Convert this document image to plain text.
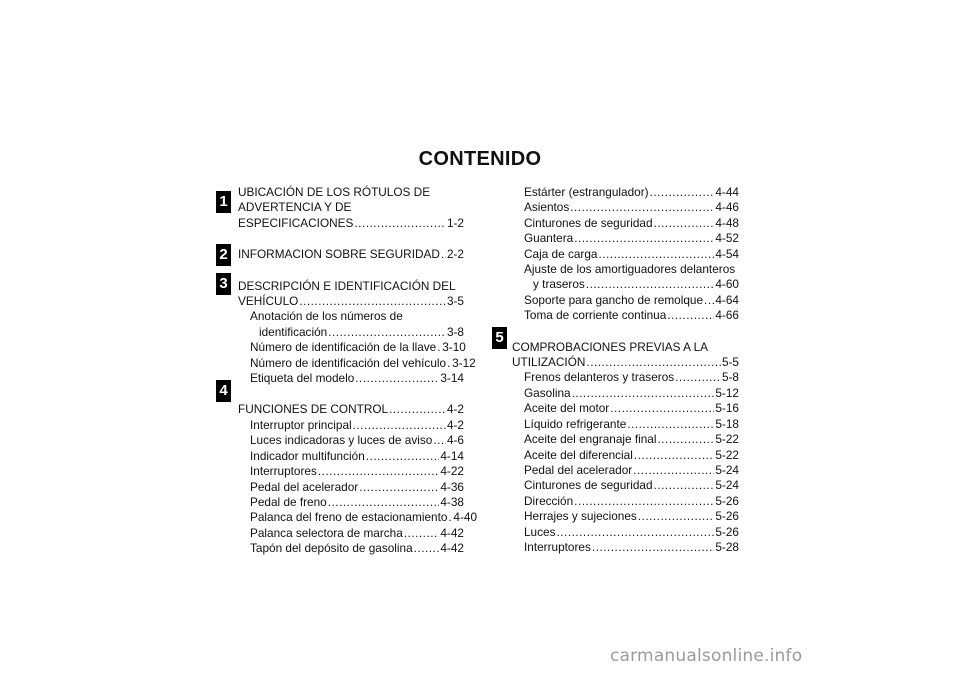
CONTENIDO
1
2
3
4
5
UBICACIÓN DE LOS RÓTULOS DE
ADVERTENCIA Y DE
ESPECIFICACIONES .....	1-2
INFORMACION SOBRE SEGURIDAD ..... 2-2
DESCRIPCIÓN E IDENTIFICACIÓN DEL
VEHÍCULO .....	3-5
Anotación de los números de
identificación .....	3-8
Número de identificación de la llave ..... 3-10
Número de identificación del vehículo ..... 3-12
Etiqueta del modelo .....	3-14
FUNCIONES DE CONTROL .....	4-2
Interruptor principal .....	4-2
Luces indicadoras y luces de aviso ..... 4-6
Indicador multifunción .....	4-14
Interruptores .....	4-22
Pedal del acelerador .....	4-36
Pedal de freno .....	4-38
Palanca del freno de estacionamiento ..... 4-40
Palanca selectora de marcha .....	4-42
Tapón del depósito de gasolina ..... 4-42
Estárter (estrangulador) .....	4-44
Asientos .....	4-46
Cinturones de seguridad .....	4-48
Guantera .....	4-52
Caja de carga .....	4-54
Ajuste de los amortiguadores delanteros
y traseros .....	4-60
Soporte para gancho de remolque ..... 4-64
Toma de corriente continua .....	4-66
COMPROBACIONES PREVIAS A LA
UTILIZACIÓN .....	5-5
Frenos delanteros y traseros .....	5-8
Gasolina .....	5-12
Aceite del motor .....	5-16
Líquido refrigerante .....	5-18
Aceite del engranaje final .....	5-22
Aceite del diferencial .....	5-22
Pedal del acelerador .....	5-24
Cinturones de seguridad .....	5-24
Dirección .....	5-26
Herrajes y sujeciones .....	5-26
Luces .....	5-26
Interruptores .....	5-28
carmanualsonline.info
